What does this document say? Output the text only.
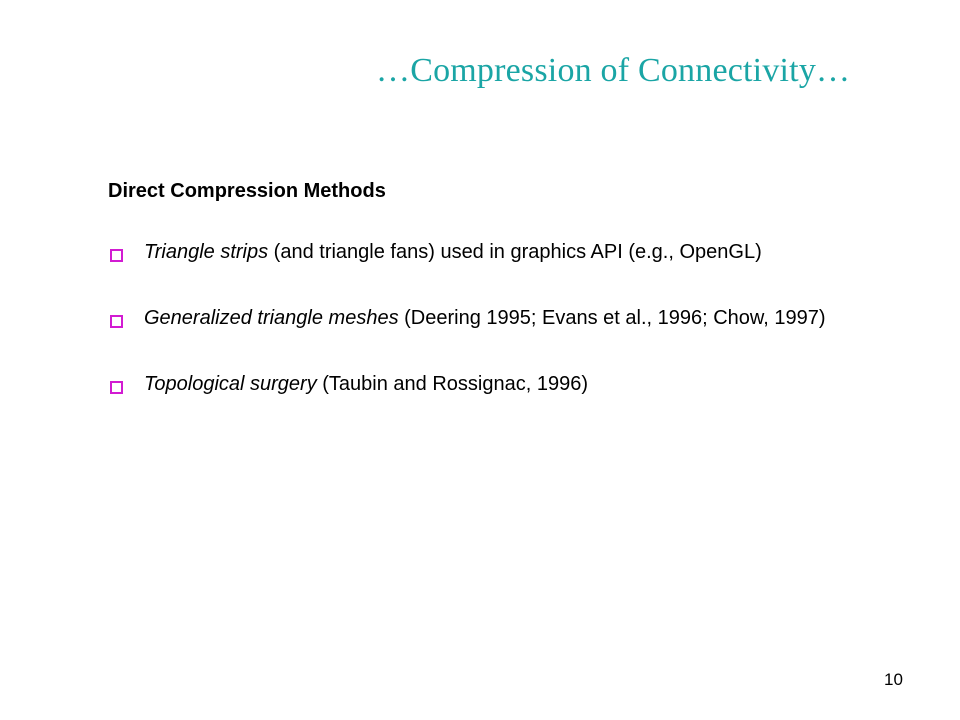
…Compression of Connectivity…
Direct Compression Methods
Triangle strips (and triangle fans) used in graphics API (e.g., OpenGL)
Generalized triangle meshes (Deering 1995; Evans et al., 1996; Chow, 1997)
Topological surgery (Taubin and Rossignac, 1996)
10
